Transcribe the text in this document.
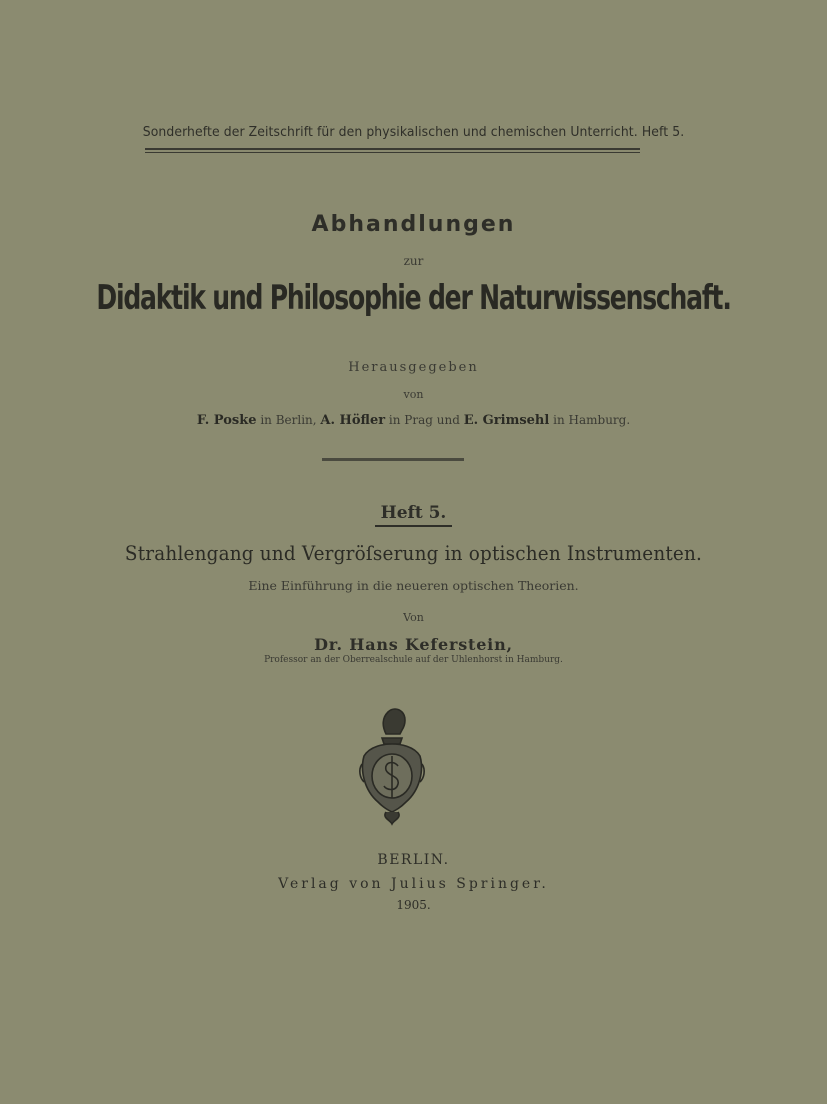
Sonderhefte der Zeitschrift für den physikalischen und chemischen Unterricht. Heft 5.
Abhandlungen
zur
Didaktik und Philosophie der Naturwissenschaft.
Herausgegeben
von
F. Poske in Berlin, A. Höfler in Prag und E. Grimsehl in Hamburg.
Heft 5.
Strahlengang und Vergröſserung in optischen Instrumenten.
Eine Einführung in die neueren optischen Theorien.
Von
Dr. Hans Keferstein,
Professor an der Oberrealschule auf der Uhlenhorst in Hamburg.
BERLIN.
Verlag von Julius Springer.
1905.
